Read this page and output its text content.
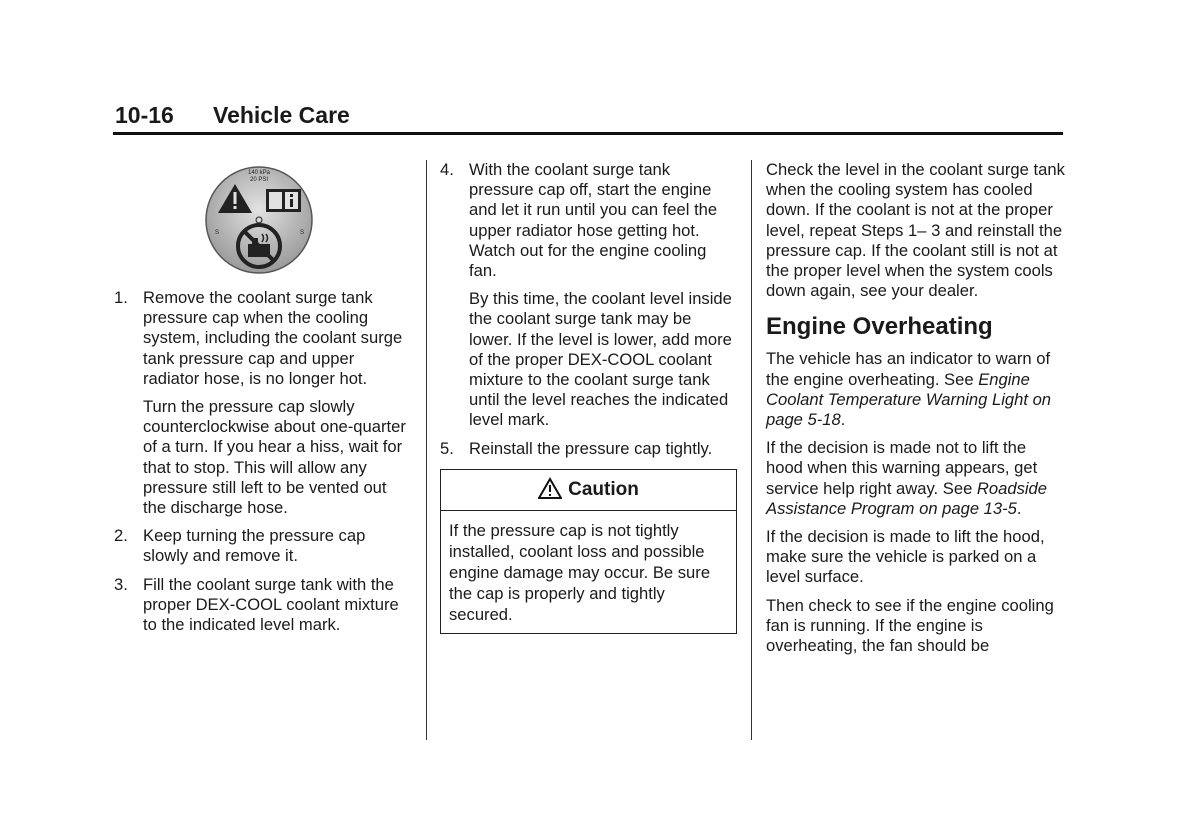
10-16 Vehicle Care
140 kPa
20 PSI
S	S
1. Remove the coolant surge tank pressure cap when the cooling system, including the coolant surge tank pressure cap and upper radiator hose, is no longer hot.

Turn the pressure cap slowly counterclockwise about one-quarter of a turn. If you hear a hiss, wait for that to stop. This will allow any pressure still left to be vented out the discharge hose.

2. Keep turning the pressure cap slowly and remove it.

3. Fill the coolant surge tank with the proper DEX-COOL coolant mixture to the indicated level mark.

4. With the coolant surge tank pressure cap off, start the engine and let it run until you can feel the upper radiator hose getting hot. Watch out for the engine cooling fan.

By this time, the coolant level inside the coolant surge tank may be lower. If the level is lower, add more of the proper DEX-COOL coolant mixture to the coolant surge tank until the level reaches the indicated level mark.

5. Reinstall the pressure cap tightly.

Caution
If the pressure cap is not tightly installed, coolant loss and possible engine damage may occur. Be sure the cap is properly and tightly secured.

Check the level in the coolant surge tank when the cooling system has cooled down. If the coolant is not at the proper level, repeat Steps 1– 3 and reinstall the pressure cap. If the coolant still is not at the proper level when the system cools down again, see your dealer.

Engine Overheating

The vehicle has an indicator to warn of the engine overheating. See Engine Coolant Temperature Warning Light on page 5-18.

If the decision is made not to lift the hood when this warning appears, get service help right away. See Roadside Assistance Program on page 13-5.

If the decision is made to lift the hood, make sure the vehicle is parked on a level surface.

Then check to see if the engine cooling fan is running. If the engine is overheating, the fan should be
